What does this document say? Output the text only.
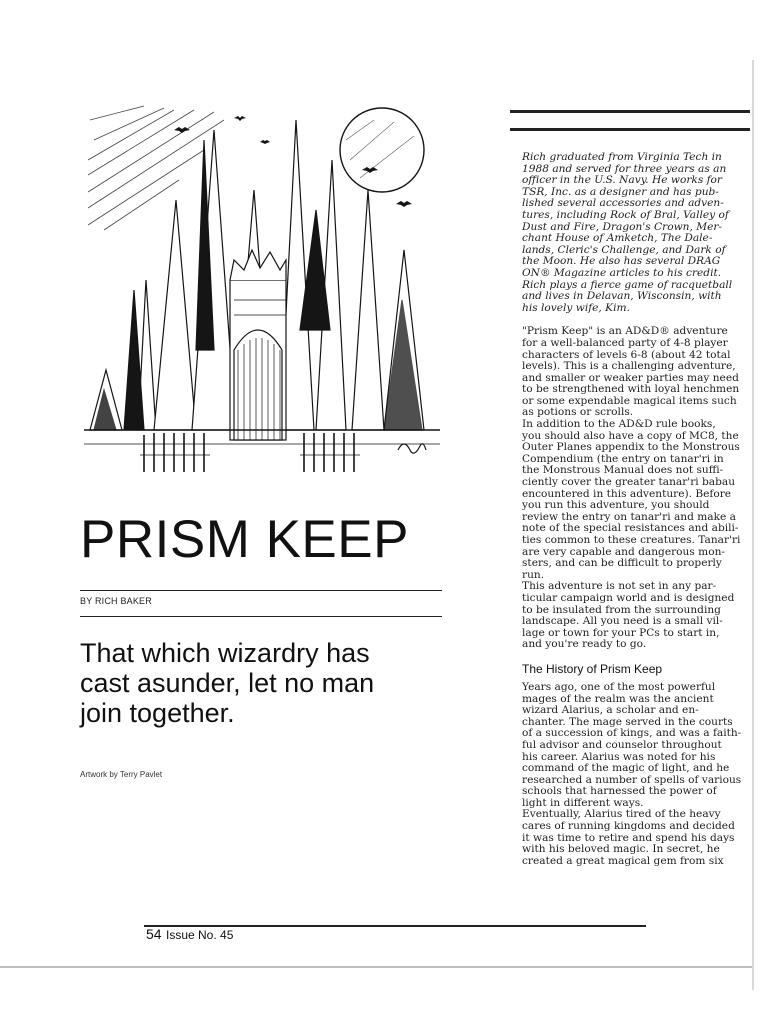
PRISM KEEP
BY RICH BAKER
That which wizardry has
cast asunder, let no man
join together.
Artwork by Terry Pavlet
Rich graduated from Virginia Tech in
1988 and served for three years as an
officer in the U.S. Navy. He works for
TSR, Inc. as a designer and has pub-
lished several accessories and adven-
tures, including Rock of Bral, Valley of
Dust and Fire, Dragon's Crown, Mer-
chant House of Amketch, The Dale-
lands, Cleric's Challenge, and Dark of
the Moon. He also has several DRAG
ON® Magazine articles to his credit.
Rich plays a fierce game of racquetball
and lives in Delavan, Wisconsin, with
his lovely wife, Kim.
"Prism Keep" is an AD&D® adventure
for a well-balanced party of 4-8 player
characters of levels 6-8 (about 42 total
levels). This is a challenging adventure,
and smaller or weaker parties may need
to be strengthened with loyal henchmen
or some expendable magical items such
as potions or scrolls.
In addition to the AD&D rule books,
you should also have a copy of MC8, the
Outer Planes appendix to the Monstrous
Compendium (the entry on tanar'ri in
the Monstrous Manual does not suffi-
ciently cover the greater tanar'ri babau
encountered in this adventure). Before
you run this adventure, you should
review the entry on tanar'ri and make a
note of the special resistances and abili-
ties common to these creatures. Tanar'ri
are very capable and dangerous mon-
sters, and can be difficult to properly
run.
This adventure is not set in any par-
ticular campaign world and is designed
to be insulated from the surrounding
landscape. All you need is a small vil-
lage or town for your PCs to start in,
and you're ready to go.
The History of Prism Keep
Years ago, one of the most powerful
mages of the realm was the ancient
wizard Alarius, a scholar and en-
chanter. The mage served in the courts
of a succession of kings, and was a faith-
ful advisor and counselor throughout
his career. Alarius was noted for his
command of the magic of light, and he
researched a number of spells of various
schools that harnessed the power of
light in different ways.
Eventually, Alarius tired of the heavy
cares of running kingdoms and decided
it was time to retire and spend his days
with his beloved magic. In secret, he
created a great magical gem from six
54 Issue No. 45
